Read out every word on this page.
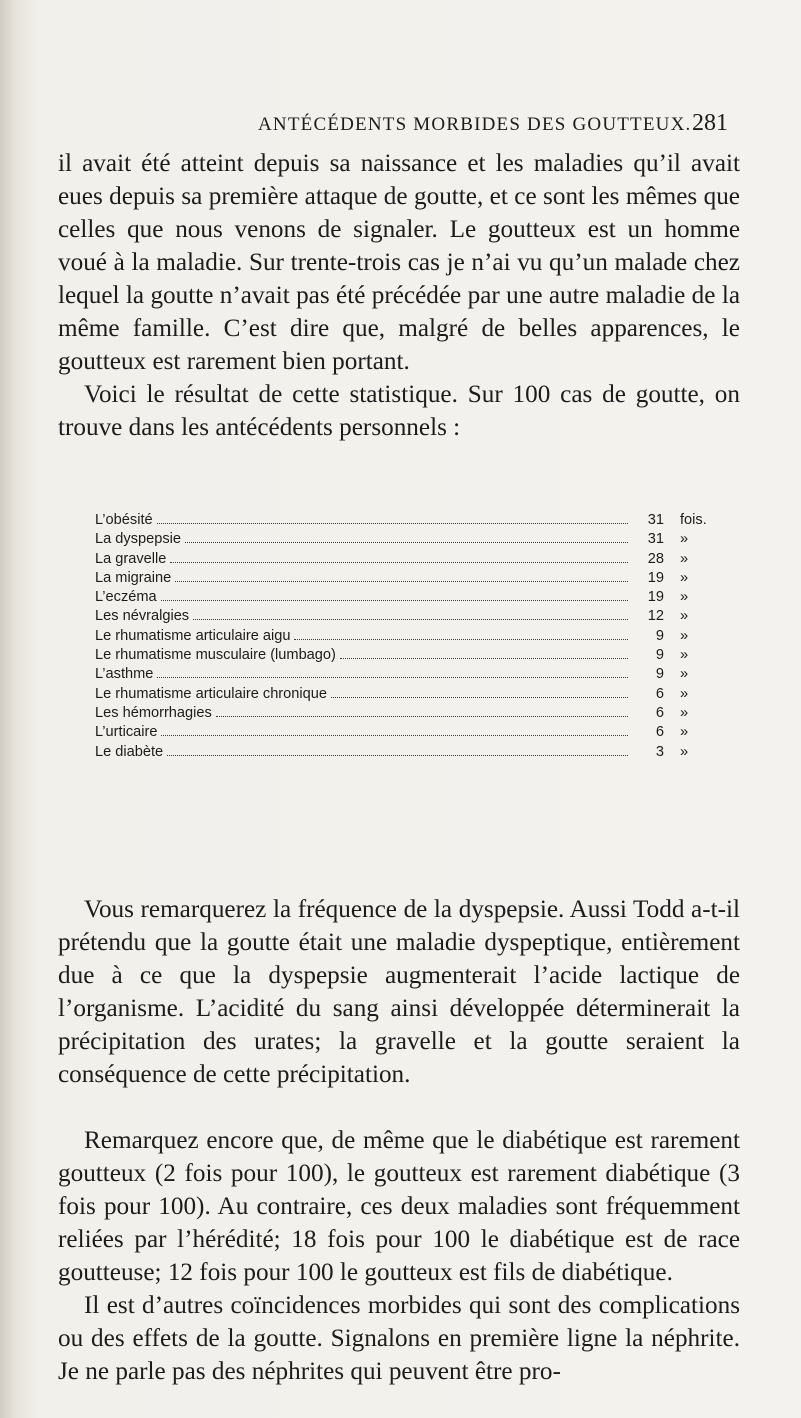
ANTÉCÉDENTS MORBIDES DES GOUTTEUX. 281

il avait été atteint depuis sa naissance et les maladies qu’il avait eues depuis sa première attaque de goutte, et ce sont les mêmes que celles que nous venons de signaler. Le goutteux est un homme voué à la maladie. Sur trente-trois cas je n’ai vu qu’un malade chez lequel la goutte n’avait pas été précédée par une autre maladie de la même famille. C’est dire que, malgré de belles apparences, le goutteux est rarement bien portant.

Voici le résultat de cette statistique. Sur 100 cas de goutte, on trouve dans les antécédents personnels :

L’obésité	31	fois.
La dyspepsie	31	»
La gravelle	28	»
La migraine	19	»
L’eczéma	19	»
Les névralgies	12	»
Le rhumatisme articulaire aigu	9	»
Le rhumatisme musculaire (lumbago)	9	»
L’asthme	9	»
Le rhumatisme articulaire chronique	6	»
Les hémorrhagies	6	»
L’urticaire	6	»
Le diabète	3	»

Vous remarquerez la fréquence de la dyspepsie. Aussi Todd a-t-il prétendu que la goutte était une maladie dyspeptique, entièrement due à ce que la dyspepsie augmenterait l’acide lactique de l’organisme. L’acidité du sang ainsi développée déterminerait la précipitation des urates; la gravelle et la goutte seraient la conséquence de cette précipitation.

Remarquez encore que, de même que le diabétique est rarement goutteux (2 fois pour 100), le goutteux est rarement diabétique (3 fois pour 100). Au contraire, ces deux maladies sont fréquemment reliées par l’hérédité; 18 fois pour 100 le diabétique est de race goutteuse; 12 fois pour 100 le goutteux est fils de diabétique.

Il est d’autres coïncidences morbides qui sont des complications ou des effets de la goutte. Signalons en première ligne la néphrite. Je ne parle pas des néphrites qui peuvent être pro-
